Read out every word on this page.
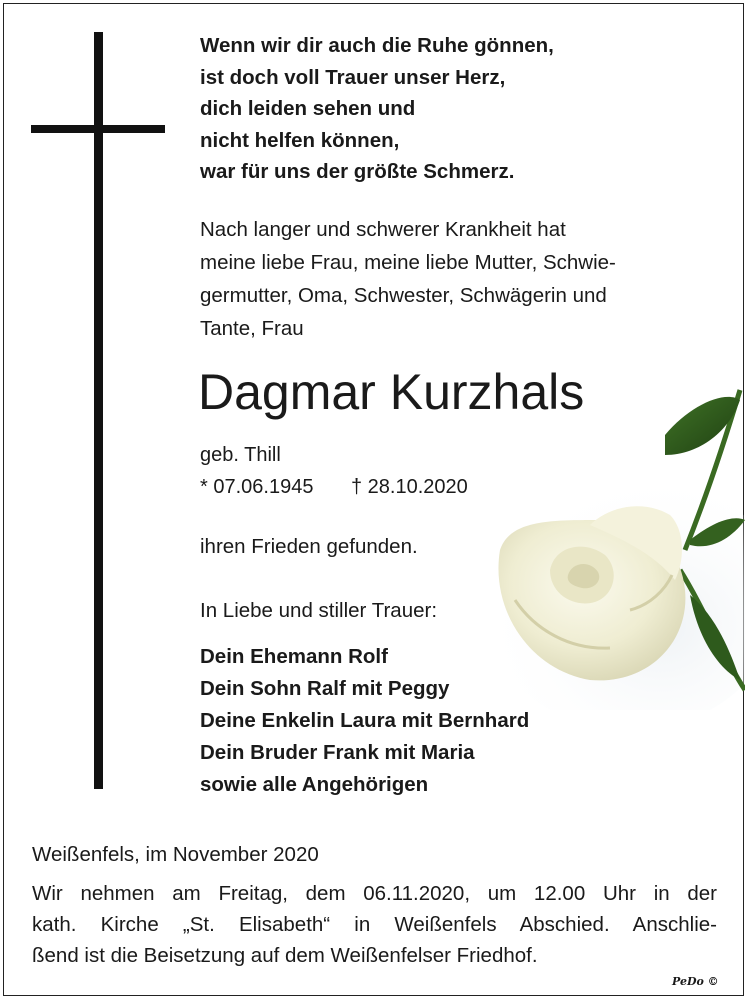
Wenn wir dir auch die Ruhe gönnen,
ist doch voll Trauer unser Herz,
dich leiden sehen und
nicht helfen können,
war für uns der größte Schmerz.
Nach langer und schwerer Krankheit hat
meine liebe Frau, meine liebe Mutter, Schwie-
germutter, Oma, Schwester, Schwägerin und
Tante, Frau
Dagmar Kurzhals
geb. Thill
* 07.06.1945 † 28.10.2020
ihren Frieden gefunden.
In Liebe und stiller Trauer:
Dein Ehemann Rolf
Dein Sohn Ralf mit Peggy
Deine Enkelin Laura mit Bernhard
Dein Bruder Frank mit Maria
sowie alle Angehörigen
Weißenfels, im November 2020
Wir nehmen am Freitag, dem 06.11.2020, um 12.00 Uhr in der
kath. Kirche „St. Elisabeth“ in Weißenfels Abschied. Anschlie-
ßend ist die Beisetzung auf dem Weißenfelser Friedhof.
PeDo ©
